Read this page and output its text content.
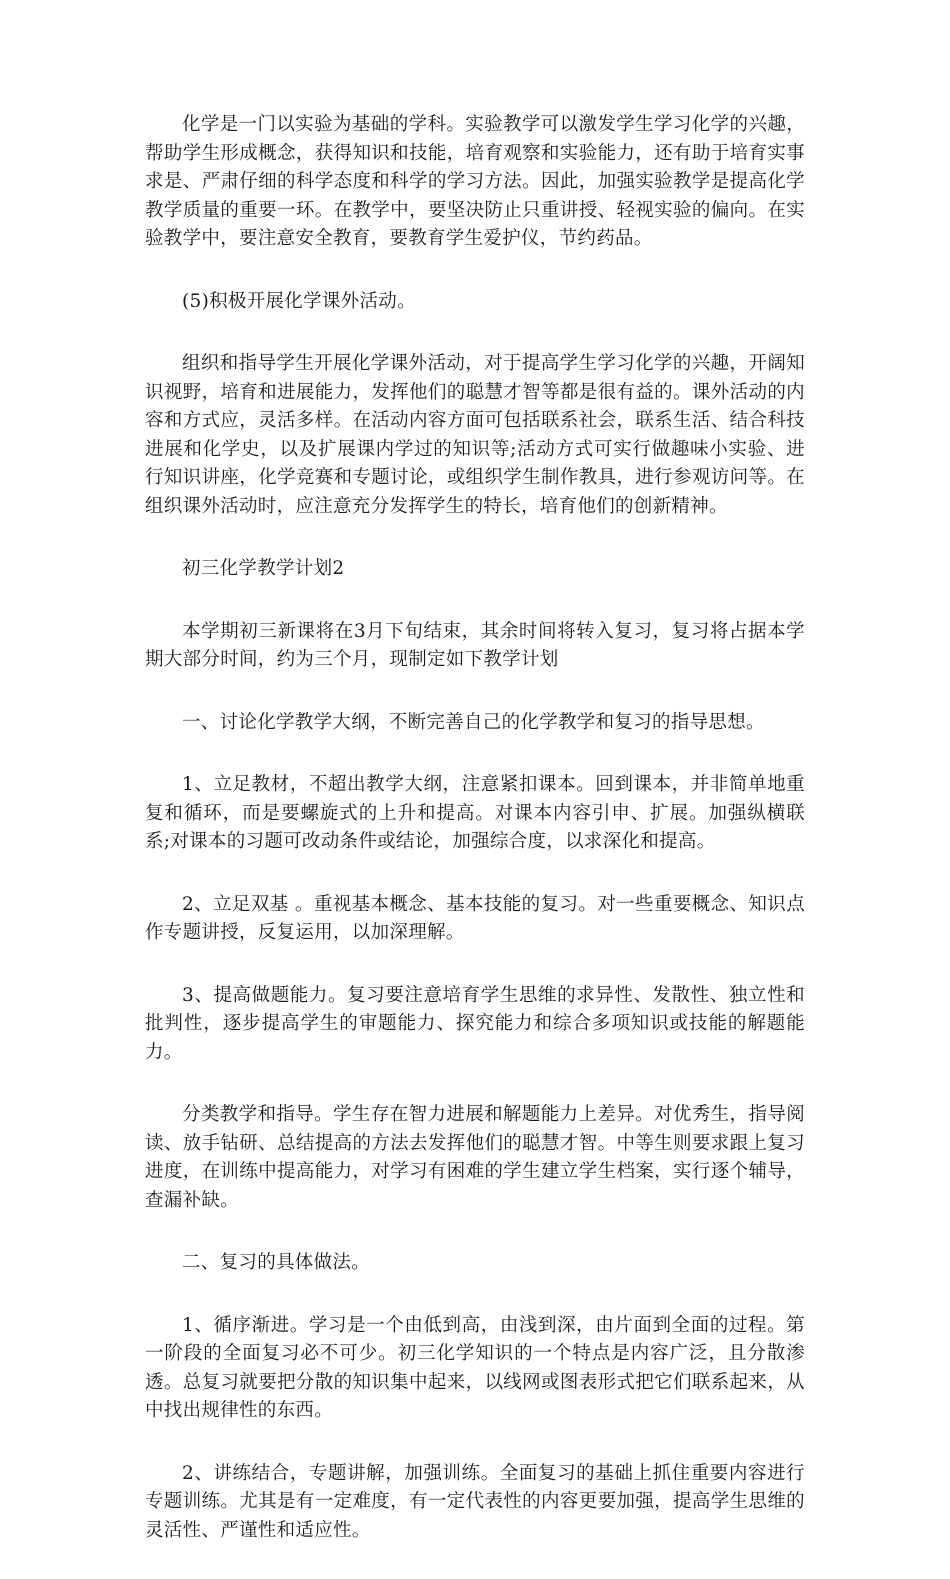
化学是一门以实验为基础的学科。实验教学可以激发学生学习化学的兴趣，帮助学生形成概念，获得知识和技能，培育观察和实验能力，还有助于培育实事求是、严肃仔细的科学态度和科学的学习方法。因此，加强实验教学是提高化学教学质量的重要一环。在教学中，要坚决防止只重讲授、轻视实验的偏向。在实验教学中，要注意安全教育，要教育学生爱护仪，节约药品。

(5)积极开展化学课外活动。

组织和指导学生开展化学课外活动，对于提高学生学习化学的兴趣，开阔知识视野，培育和进展能力，发挥他们的聪慧才智等都是很有益的。课外活动的内容和方式应，灵活多样。在活动内容方面可包括联系社会，联系生活、结合科技进展和化学史，以及扩展课内学过的知识等;活动方式可实行做趣味小实验、进行知识讲座，化学竞赛和专题讨论，或组织学生制作教具，进行参观访问等。在组织课外活动时，应注意充分发挥学生的特长，培育他们的创新精神。

初三化学教学计划2

本学期初三新课将在3月下旬结束，其余时间将转入复习，复习将占据本学期大部分时间，约为三个月，现制定如下教学计划

一、讨论化学教学大纲，不断完善自己的化学教学和复习的指导思想。

1、立足教材，不超出教学大纲，注意紧扣课本。回到课本，并非简单地重复和循环，而是要螺旋式的上升和提高。对课本内容引申、扩展。加强纵横联系;对课本的习题可改动条件或结论，加强综合度，以求深化和提高。

2、立足双基 。重视基本概念、基本技能的复习。对一些重要概念、知识点作专题讲授，反复运用，以加深理解。

3、提高做题能力。复习要注意培育学生思维的求异性、发散性、独立性和批判性，逐步提高学生的审题能力、探究能力和综合多项知识或技能的解题能力。

分类教学和指导。学生存在智力进展和解题能力上差异。对优秀生，指导阅读、放手钻研、总结提高的方法去发挥他们的聪慧才智。中等生则要求跟上复习进度，在训练中提高能力，对学习有困难的学生建立学生档案，实行逐个辅导，查漏补缺。

二、复习的具体做法。

1、循序渐进。学习是一个由低到高，由浅到深，由片面到全面的过程。第一阶段的全面复习必不可少。初三化学知识的一个特点是内容广泛，且分散渗透。总复习就要把分散的知识集中起来，以线网或图表形式把它们联系起来，从中找出规律性的东西。

2、讲练结合，专题讲解，加强训练。全面复习的基础上抓住重要内容进行专题训练。尤其是有一定难度，有一定代表性的内容更要加强，提高学生思维的灵活性、严谨性和适应性。
